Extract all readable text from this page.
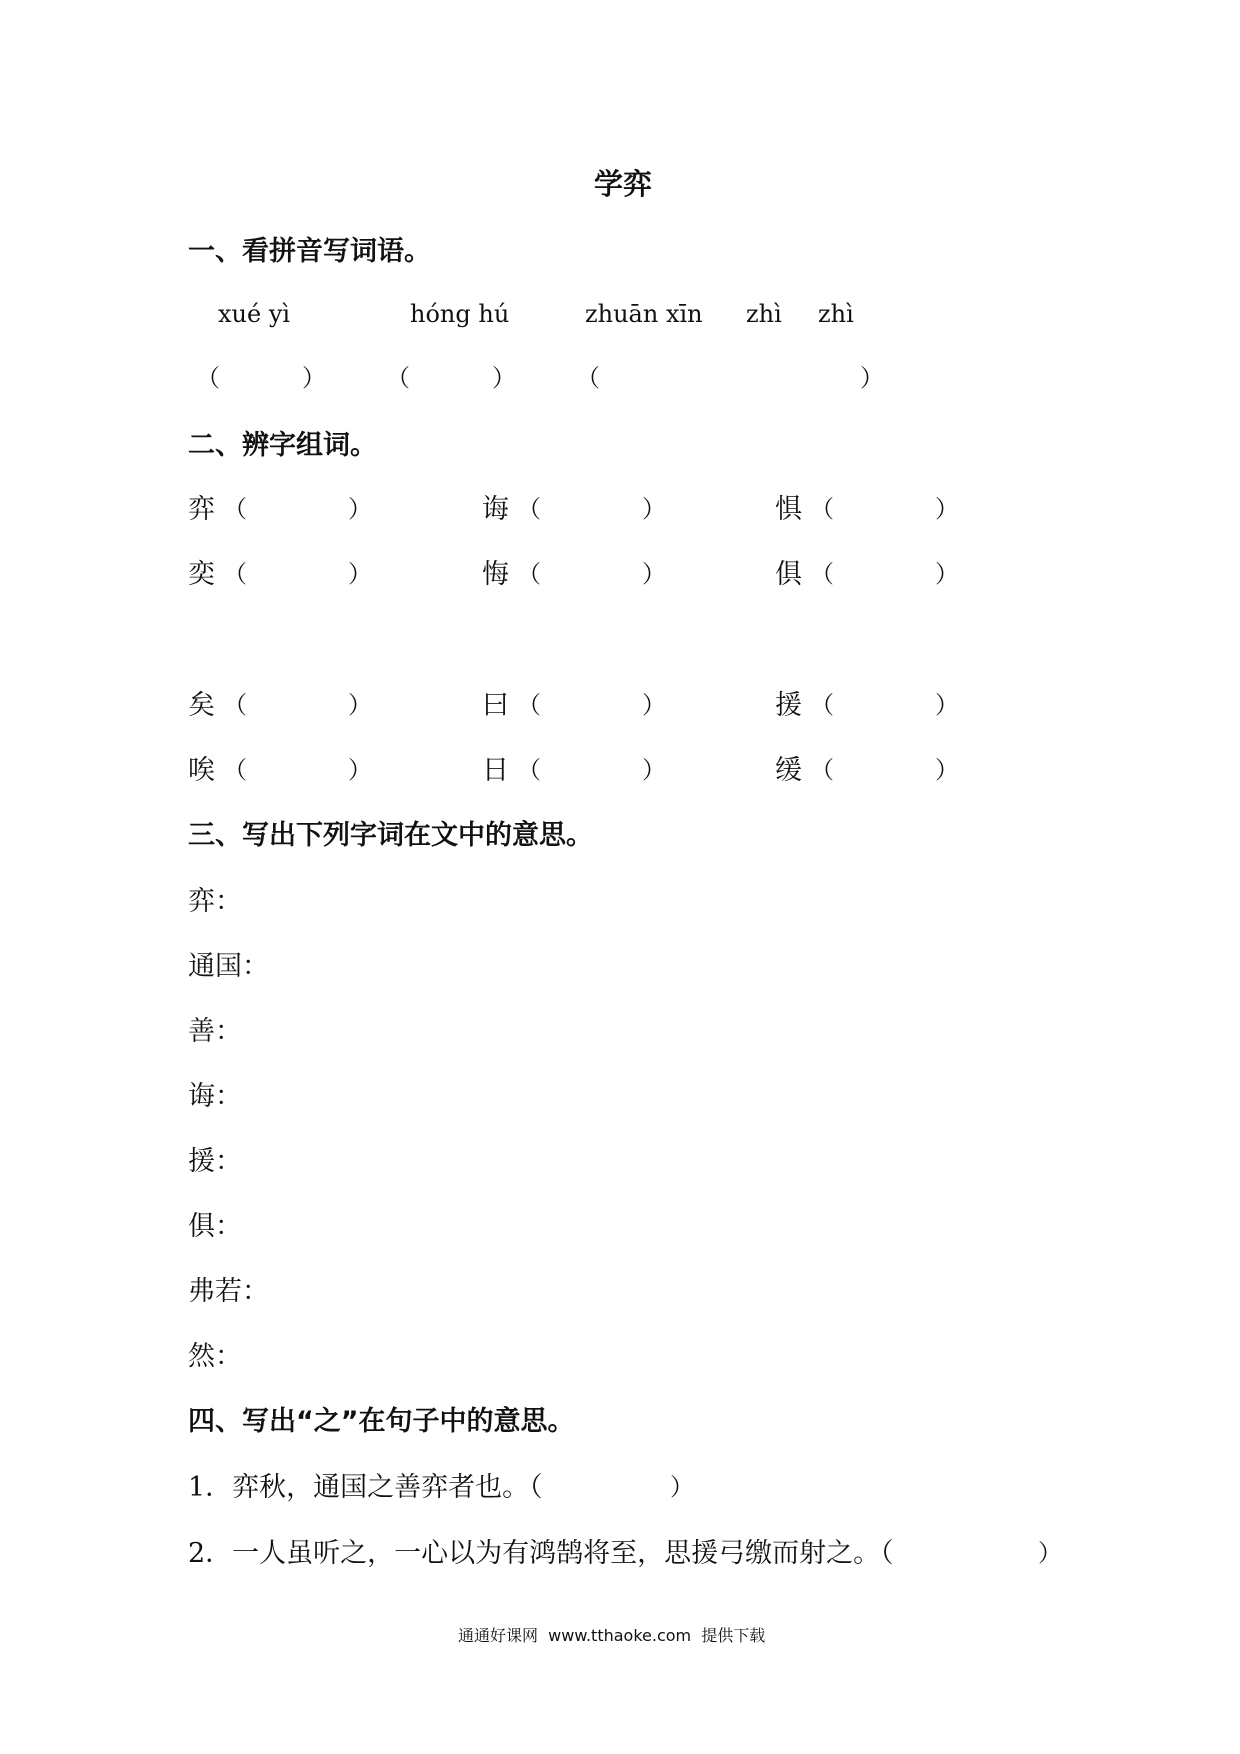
学弈
一、看拼音写词语。
xué yì	hóng hú	zhuān xīn zhì zhì
（	）	（	）	（	）
二、辨字组词。
弈 （	）	诲 （	）	惧 （	）
奕 （	）	悔 （	）	俱 （	）
矣 （	）	曰 （	）	援 （	）
唉 （	）	日 （	）	缓 （	）
三、写出下列字词在文中的意思。
弈：
通国：
善：
诲：
援：
俱：
弗若：
然：
四、写出“之”在句子中的意思。
1．弈秋，通国之善弈者也。（	）
2．一人虽听之，一心以为有鸿鹄将至，思援弓缴而射之。（	）
通通好课网  www.tthaoke.com  提供下载
